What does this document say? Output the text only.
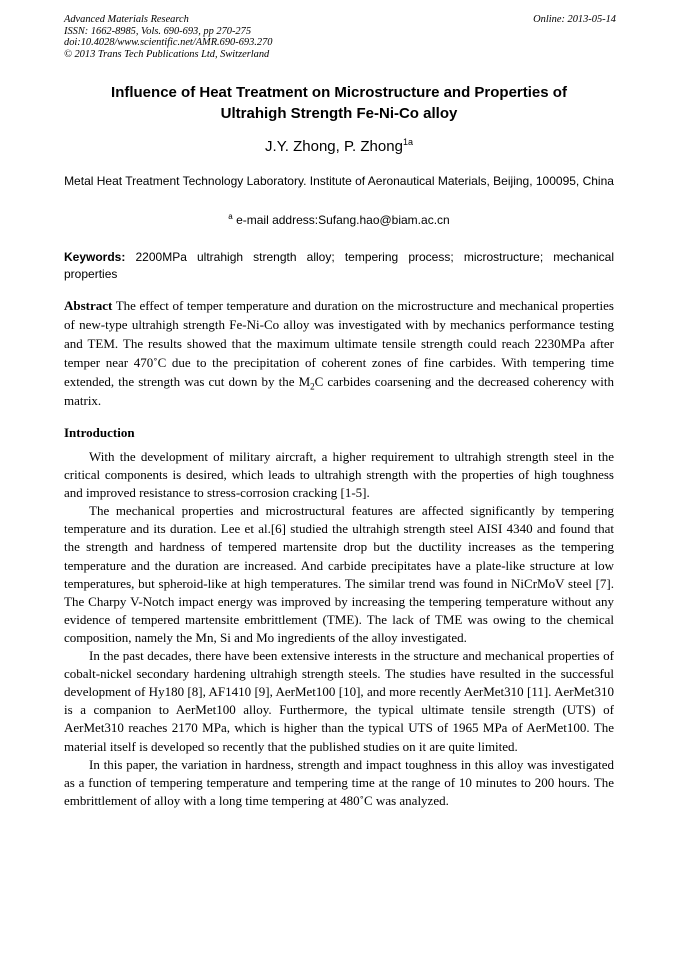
Advanced Materials Research
ISSN: 1662-8985, Vols. 690-693, pp 270-275
doi:10.4028/www.scientific.net/AMR.690-693.270
© 2013 Trans Tech Publications Ltd, Switzerland
Online: 2013-05-14
Influence of Heat Treatment on Microstructure and Properties of
Ultrahigh Strength Fe-Ni-Co alloy
J.Y. Zhong, P. Zhong$^{1a}$
Metal Heat Treatment Technology Laboratory. Institute of Aeronautical Materials, Beijing, 100095, China
$^a$ e-mail address:Sufang.hao@biam.ac.cn
Keywords: 2200MPa ultrahigh strength alloy; tempering process; microstructure; mechanical properties
Abstract The effect of temper temperature and duration on the microstructure and mechanical properties of new-type ultrahigh strength Fe-Ni-Co alloy was investigated with by mechanics performance testing and TEM. The results showed that the maximum ultimate tensile strength could reach 2230MPa after temper near 470˚C due to the precipitation of coherent zones of fine carbides. With tempering time extended, the strength was cut down by the $M_2C$ carbides coarsening and the decreased coherency with matrix.
Introduction

With the development of military aircraft, a higher requirement to ultrahigh strength steel in the critical components is desired, which leads to ultrahigh strength with the properties of high toughness and improved resistance to stress-corrosion cracking [1-5].

The mechanical properties and microstructural features are affected significantly by tempering temperature and its duration. Lee et al.[6] studied the ultrahigh strength steel AISI 4340 and found that the strength and hardness of tempered martensite drop but the ductility increases as the tempering temperature and the duration are increased. And carbide precipitates have a plate-like structure at low temperatures, but spheroid-like at high temperatures. The similar trend was found in NiCrMoV steel [7]. The Charpy V-Notch impact energy was improved by increasing the tempering temperature without any evidence of tempered martensite embrittlement (TME). The lack of TME was owing to the chemical composition, namely the Mn, Si and Mo ingredients of the alloy investigated.

In the past decades, there have been extensive interests in the structure and mechanical properties of cobalt-nickel secondary hardening ultrahigh strength steels. The studies have resulted in the successful development of Hy180 [8], AF1410 [9], AerMet100 [10], and more recently AerMet310 [11]. AerMet310 is a companion to AerMet100 alloy. Furthermore, the typical ultimate tensile strength (UTS) of AerMet310 reaches 2170 MPa, which is higher than the typical UTS of 1965 MPa of AerMet100. The material itself is developed so recently that the published studies on it are quite limited.

In this paper, the variation in hardness, strength and impact toughness in this alloy was investigated as a function of tempering temperature and tempering time at the range of 10 minutes to 200 hours. The embrittlement of alloy with a long time tempering at 480˚C was analyzed.
